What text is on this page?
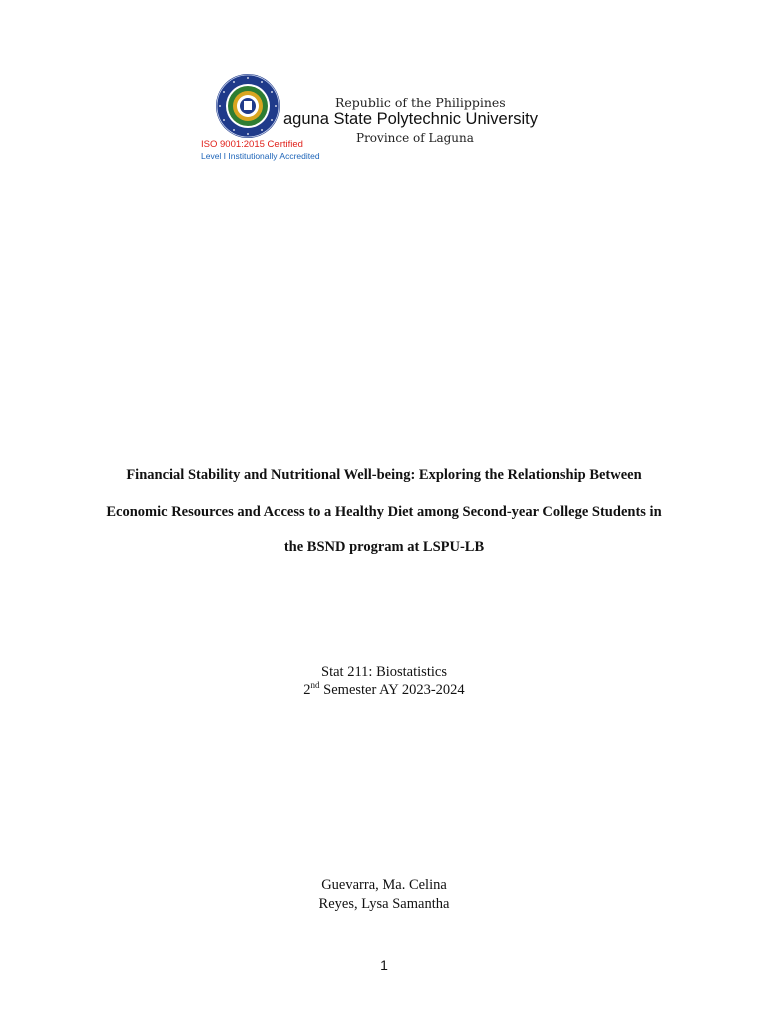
Republic of the Philippines
aguna State Polytechnic University
Province of Laguna
ISO 9001:2015 Certified
Level I Institutionally Accredited
Financial Stability and Nutritional Well-being: Exploring the Relationship Between
Economic Resources and Access to a Healthy Diet among Second-year College Students in
the BSND program at LSPU-LB
Stat 211: Biostatistics
2nd Semester AY 2023-2024
Guevarra, Ma. Celina
Reyes, Lysa Samantha
1
